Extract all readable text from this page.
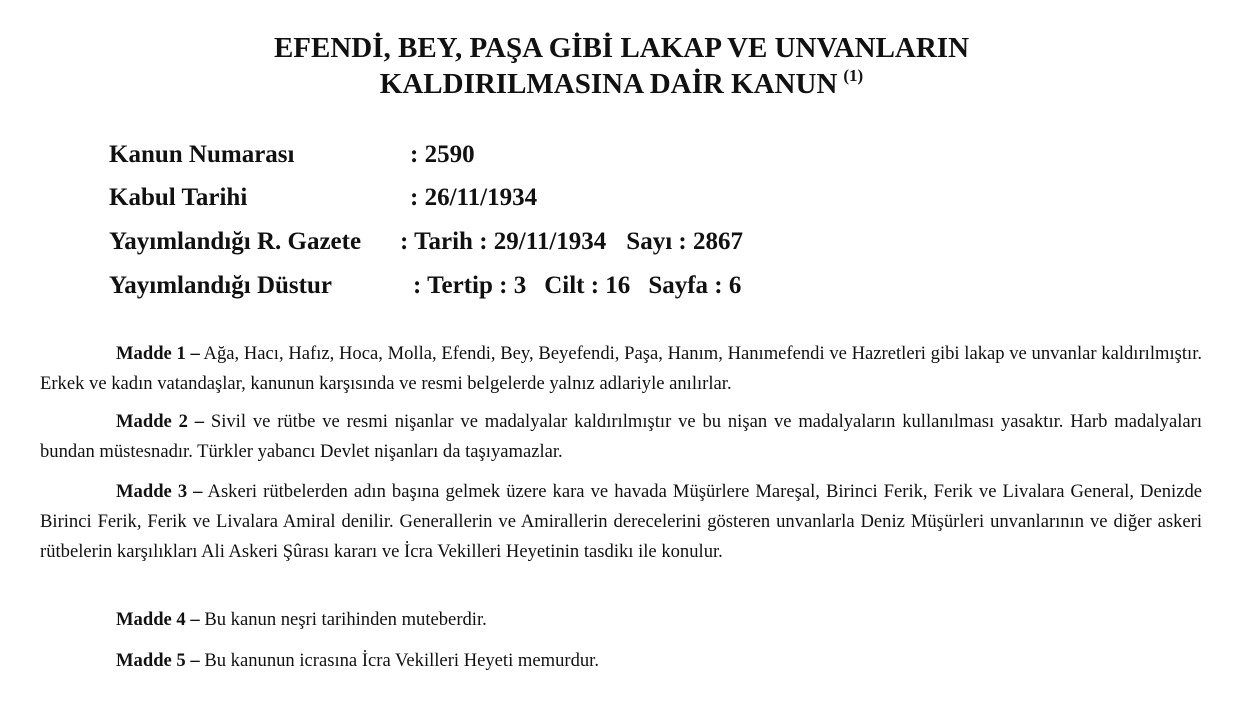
EFENDİ, BEY, PAŞA GİBİ LAKAP VE UNVANLARIN
KALDIRILMASINA DAİR KANUN $^{(1)}$
Kanun Numarası	: 2590
Kabul Tarihi	: 26/11/1934
Yayımlandığı R. Gazete : Tarih : 29/11/1934 Sayı : 2867
Yayımlandığı Düstur	: Tertip : 3 Cilt : 16 Sayfa : 6

Madde 1 – Ağa, Hacı, Hafız, Hoca, Molla, Efendi, Bey, Beyefendi, Paşa, Hanım, Hanımefendi ve Hazretleri gibi lakap ve unvanlar kaldırılmıştır. Erkek ve kadın vatandaşlar, kanunun karşısında ve resmi belgelerde yalnız adlariyle anılırlar.

Madde 2 – Sivil ve rütbe ve resmi nişanlar ve madalyalar kaldırılmıştır ve bu nişan ve madalyaların kullanılması yasaktır. Harb madalyaları bundan müstesnadır. Türkler yabancı Devlet nişanları da taşıyamazlar.

Madde 3 – Askeri rütbelerden adın başına gelmek üzere kara ve havada Müşürlere Mareşal, Birinci Ferik, Ferik ve Livalara General, Denizde Birinci Ferik, Ferik ve Livalara Amiral denilir. Generallerin ve Amirallerin derecelerini gösteren unvanlarla Deniz Müşürleri unvanlarının ve diğer askeri rütbelerin karşılıkları Ali Askeri Şûrası kararı ve İcra Vekilleri Heyetinin tasdikı ile konulur.

Madde 4 – Bu kanun neşri tarihinden muteberdir.

Madde 5 – Bu kanunun icrasına İcra Vekilleri Heyeti memurdur.
